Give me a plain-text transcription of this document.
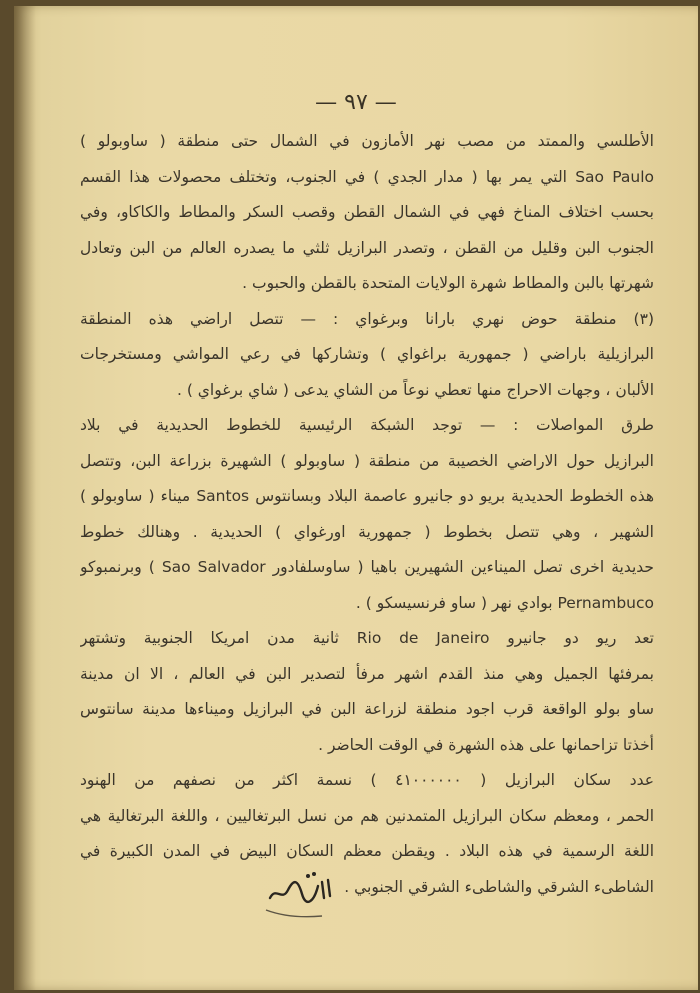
— ٩٧ —
الأطلسي والممتد من مصب نهر الأمازون في الشمال حتى منطقة ( ساوبولو )
Sao Paulo التي يمر بها ( مدار الجدي ) في الجنوب، وتختلف محصولات هذا القسم
بحسب اختلاف المناخ فهي في الشمال القطن وقصب السكر والمطاط والكاكاو، وفي
الجنوب البن وقليل من القطن ، وتصدر البرازيل ثلثي ما يصدره العالم من البن وتعادل
شهرتها بالبن والمطاط شهرة الولايات المتحدة بالقطن والحبوب .
(٣) منطقة حوض نهري بارانا وبرغواي : — تتصل اراضي هذه المنطقة
البرازيلية باراضي ( جمهورية براغواي ) وتشاركها في رعي المواشي ومستخرجات
الألبان ، وجهات الاحراج منها تعطي نوعاً من الشاي يدعى ( شاي برغواي ) .
طرق المواصلات : — توجد الشبكة الرئيسية للخطوط الحديدية في بلاد
البرازيل حول الاراضي الخصيبة من منطقة ( ساوبولو ) الشهيرة بزراعة البن، وتتصل
هذه الخطوط الحديدية بريو دو جانيرو عاصمة البلاد وبسانتوس Santos ميناء ( ساوبولو )
الشهير ، وهي تتصل بخطوط ( جمهورية اورغواي ) الحديدية . وهنالك خطوط
حديدية اخرى تصل الميناءين الشهيرين باهيا ( ساوسلفادور Sao Salvador ) وبرنمبوكو
Pernambuco بوادي نهر ( ساو فرنسيسكو ) .
تعد ريو دو جانيرو Rio de Janeiro ثانية مدن امريكا الجنوبية وتشتهر
بمرفئها الجميل وهي منذ القدم اشهر مرفأ لتصدير البن في العالم ، الا ان مدينة
ساو بولو الواقعة قرب اجود منطقة لزراعة البن في البرازيل وميناءها مدينة سانتوس
أخذتا تزاحمانها على هذه الشهرة في الوقت الحاضر .
عدد سكان البرازيل ( ٤١٠٠٠٠٠٠ ) نسمة اكثر من نصفهم من الهنود
الحمر ، ومعظم سكان البرازيل المتمدنين هم من نسل البرتغاليين ، واللغة البرتغالية هي
اللغة الرسمية في هذه البلاد . ويقطن معظم السكان البيض في المدن الكبيرة في
الشاطىء الشرقي والشاطىء الشرقي الجنوبي .
